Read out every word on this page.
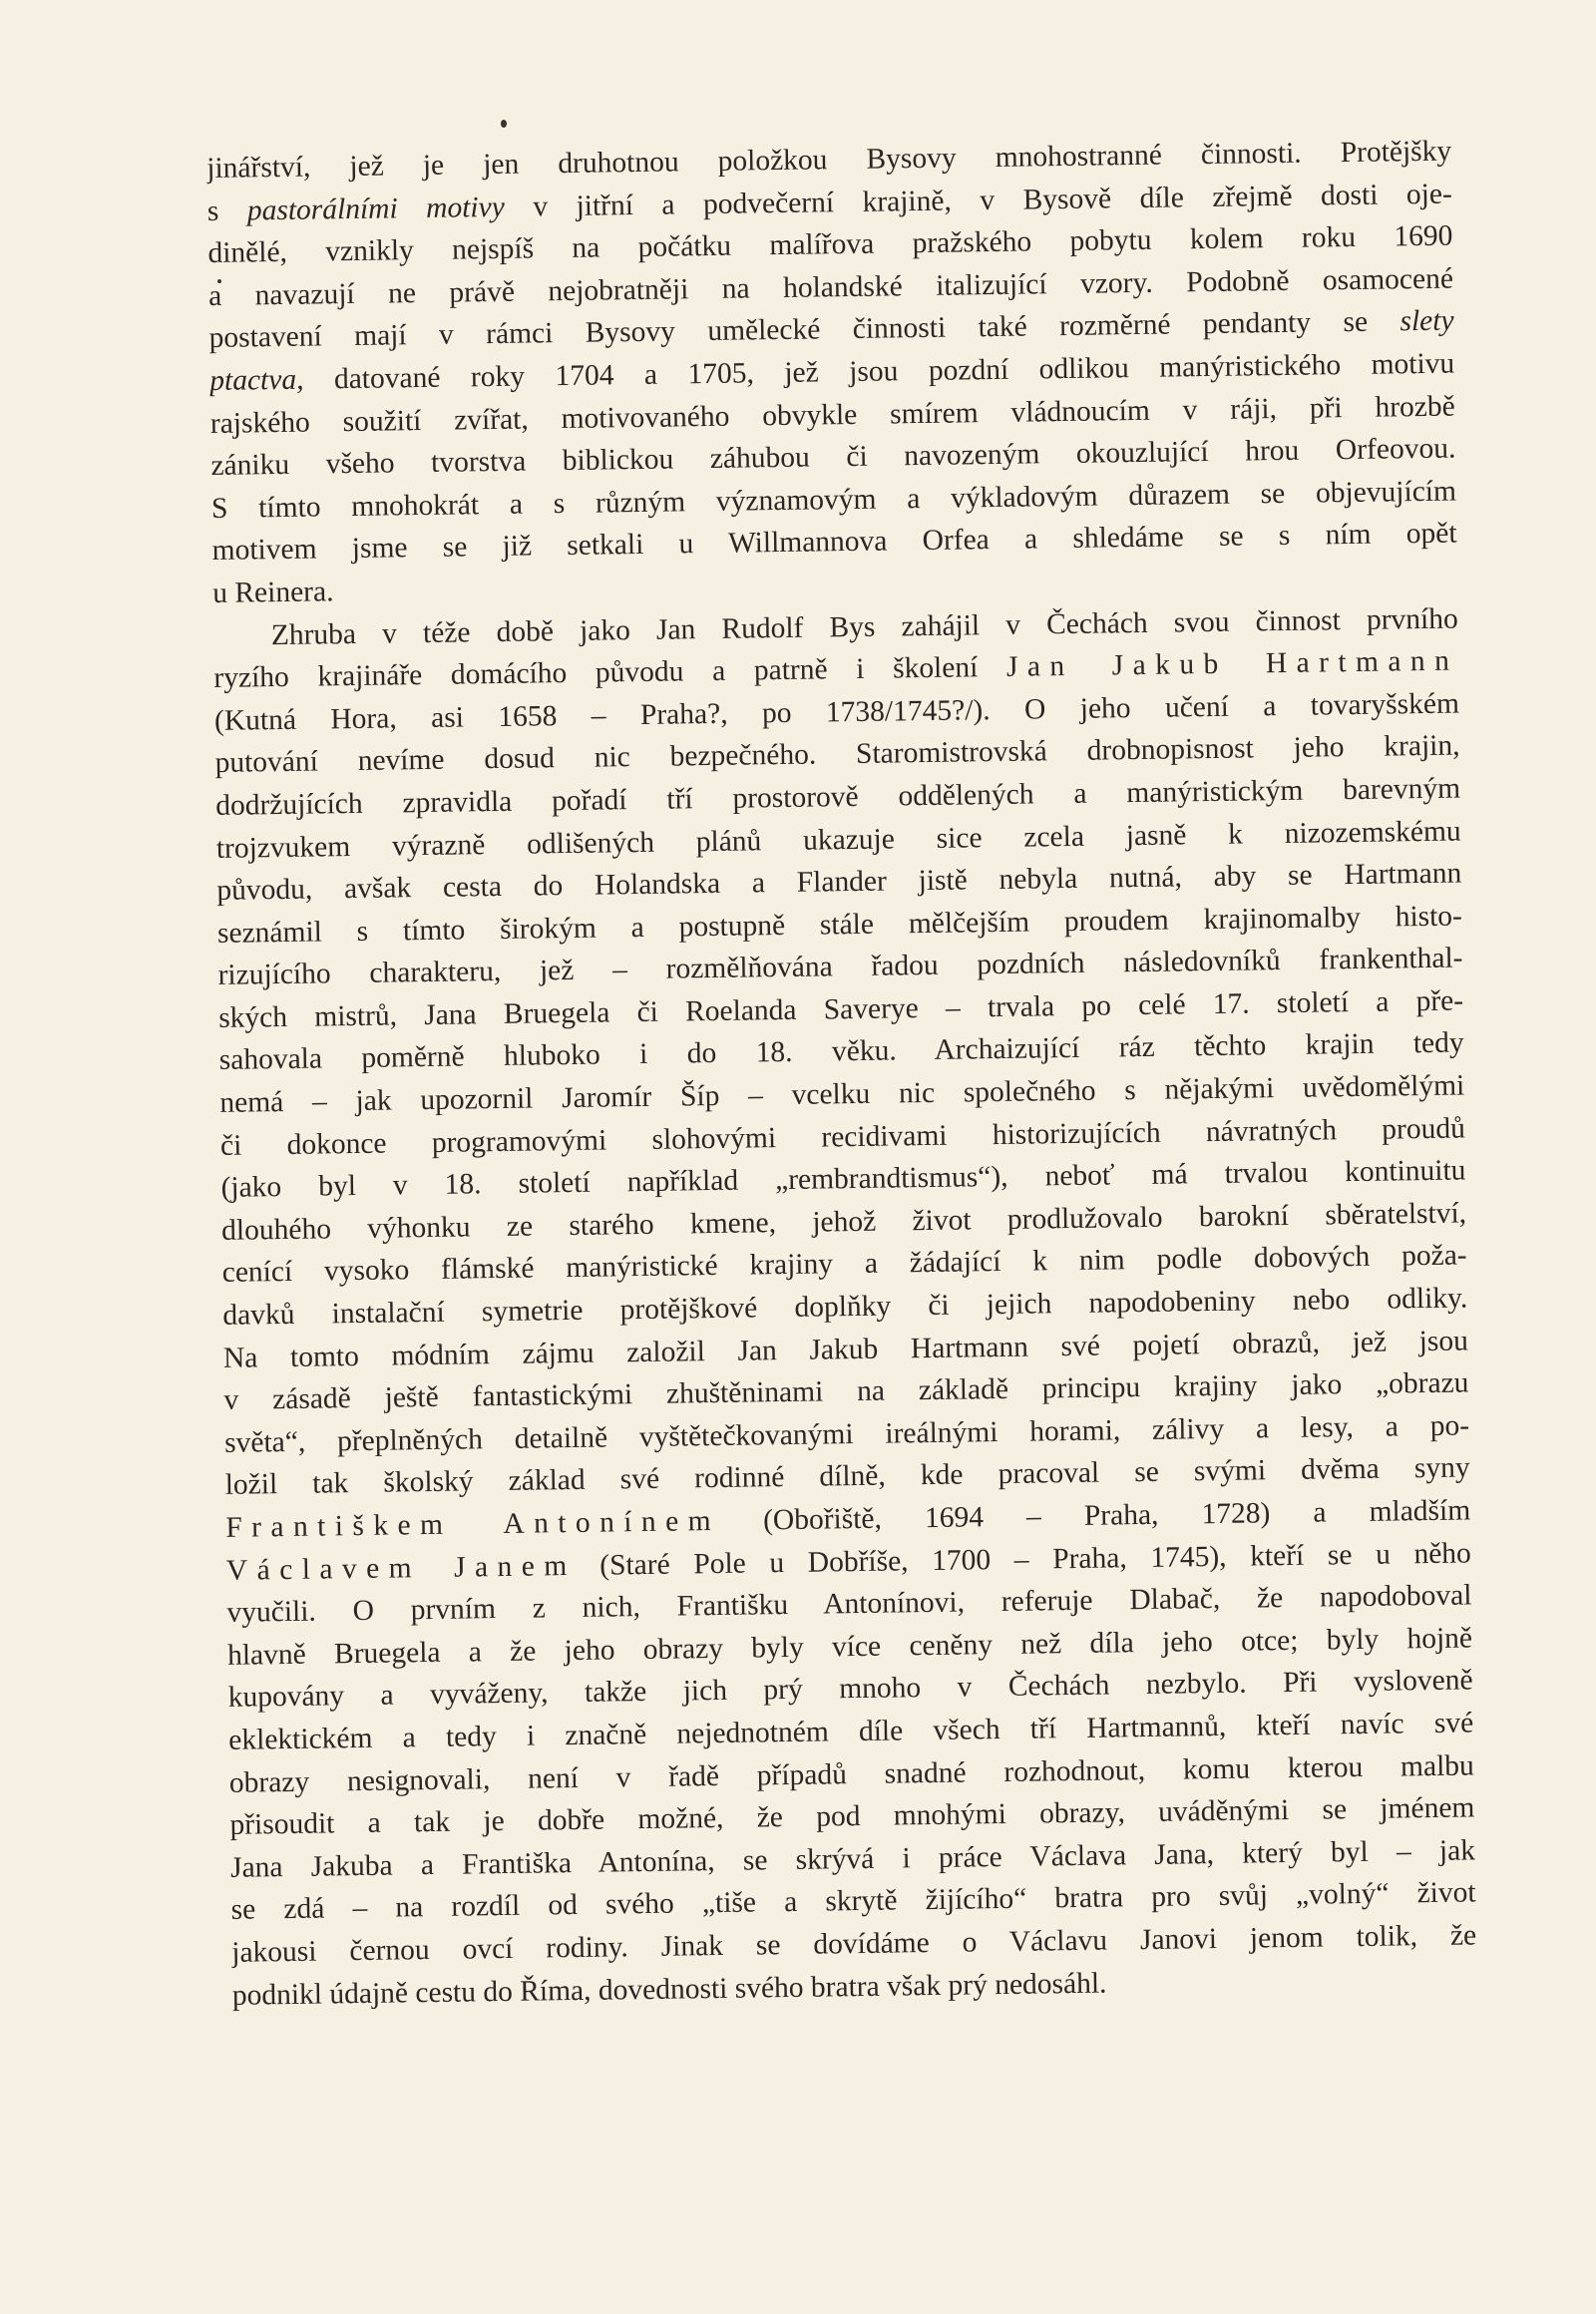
jinářství, jež je jen druhotnou položkou Bysovy mnohostranné činnosti. Protějšky
s pastorálními motivy v jitřní a podvečerní krajině, v Bysově díle zřejmě dosti oje-
dinělé, vznikly nejspíš na počátku malířova pražského pobytu kolem roku 1690
a navazují ne právě nejobratněji na holandské italizující vzory. Podobně osamocené
postavení mají v rámci Bysovy umělecké činnosti také rozměrné pendanty se slety
ptactva, datované roky 1704 a 1705, jež jsou pozdní odlikou manýristického motivu
rajského soužití zvířat, motivovaného obvykle smírem vládnoucím v ráji, při hrozbě
zániku všeho tvorstva biblickou záhubou či navozeným okouzlující hrou Orfeovou.
S tímto mnohokrát a s různým významovým a výkladovým důrazem se objevujícím
motivem jsme se již setkali u Willmannova Orfea a shledáme se s ním opět
u Reinera.
Zhruba v téže době jako Jan Rudolf Bys zahájil v Čechách svou činnost prvního
ryzího krajináře domácího původu a patrně i školení Jan Jakub Hartmann
(Kutná Hora, asi 1658 – Praha?, po 1738/1745?/). O jeho učení a tovaryšském
putování nevíme dosud nic bezpečného. Staromistrovská drobnopisnost jeho krajin,
dodržujících zpravidla pořadí tří prostorově oddělených a manýristickým barevným
trojzvukem výrazně odlišených plánů ukazuje sice zcela jasně k nizozemskému
původu, avšak cesta do Holandska a Flander jistě nebyla nutná, aby se Hartmann
seznámil s tímto širokým a postupně stále mělčejším proudem krajinomalby histo-
rizujícího charakteru, jež – rozmělňována řadou pozdních následovníků frankenthal-
ských mistrů, Jana Bruegela či Roelanda Saverye – trvala po celé 17. století a pře-
sahovala poměrně hluboko i do 18. věku. Archaizující ráz těchto krajin tedy
nemá – jak upozornil Jaromír Šíp – vcelku nic společného s nějakými uvědomělými
či dokonce programovými slohovými recidivami historizujících návratných proudů
(jako byl v 18. století například „rembrandtismus“), neboť má trvalou kontinuitu
dlouhého výhonku ze starého kmene, jehož život prodlužovalo barokní sběratelství,
cenící vysoko flámské manýristické krajiny a žádající k nim podle dobových poža-
davků instalační symetrie protějškové doplňky či jejich napodobeniny nebo odliky.
Na tomto módním zájmu založil Jan Jakub Hartmann své pojetí obrazů, jež jsou
v zásadě ještě fantastickými zhuštěninami na základě principu krajiny jako „obrazu
světa“, přeplněných detailně vyštětečkovanými ireálnými horami, zálivy a lesy, a po-
ložil tak školský základ své rodinné dílně, kde pracoval se svými dvěma syny
Františkem Antonínem (Obořiště, 1694 – Praha, 1728) a mladším
Václavem Janem (Staré Pole u Dobříše, 1700 – Praha, 1745), kteří se u něho
vyučili. O prvním z nich, Františku Antonínovi, referuje Dlabač, že napodoboval
hlavně Bruegela a že jeho obrazy byly více ceněny než díla jeho otce; byly hojně
kupovány a vyváženy, takže jich prý mnoho v Čechách nezbylo. Při vysloveně
eklektickém a tedy i značně nejednotném díle všech tří Hartmannů, kteří navíc své
obrazy nesignovali, není v řadě případů snadné rozhodnout, komu kterou malbu
přisoudit a tak je dobře možné, že pod mnohými obrazy, uváděnými se jménem
Jana Jakuba a Františka Antonína, se skrývá i práce Václava Jana, který byl – jak
se zdá – na rozdíl od svého „tiše a skrytě žijícího“ bratra pro svůj „volný“ život
jakousi černou ovcí rodiny. Jinak se dovídáme o Václavu Janovi jenom tolik, že
podnikl údajně cestu do Říma, dovednosti svého bratra však prý nedosáhl.
